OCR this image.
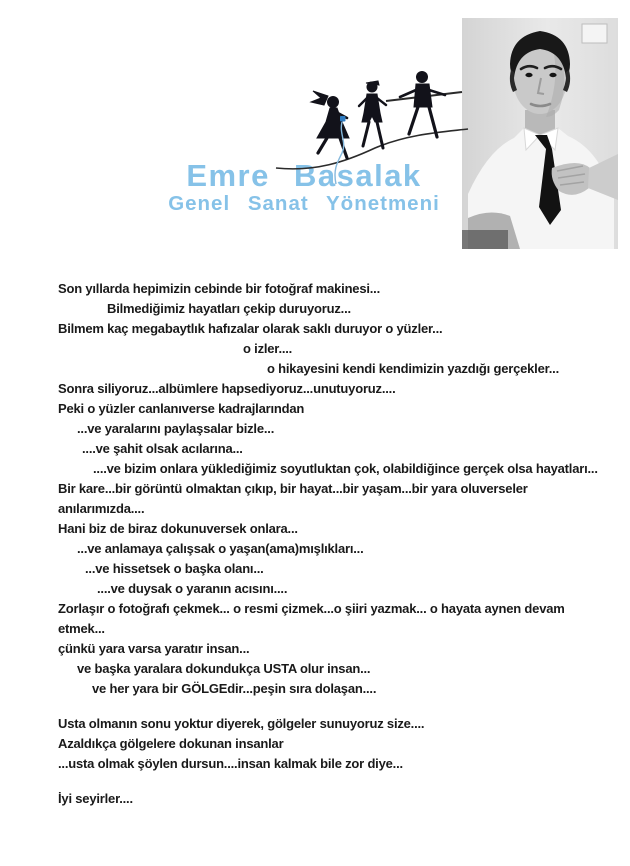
Emre Basalak
Genel Sanat Yönetmeni
Son yıllarda hepimizin cebinde bir fotoğraf makinesi...
Bilmediğimiz hayatları çekip duruyoruz...
Bilmem kaç megabaytlık hafızalar olarak saklı duruyor o yüzler...
o izler....
o hikayesini kendi kendimizin yazdığı gerçekler...
Sonra siliyoruz...albümlere hapsediyoruz...unutuyoruz....
Peki o yüzler canlanıverse kadrajlarından
...ve yaralarını paylaşsalar bizle...
....ve şahit olsak acılarına...
....ve bizim onlara yüklediğimiz soyutluktan çok, olabildiğince gerçek olsa hayatları...
Bir kare...bir görüntü olmaktan çıkıp, bir hayat...bir yaşam...bir yara oluverseler
anılarımızda....
Hani biz de biraz dokunuversek onlara...
...ve anlamaya çalışsak o yaşan(ama)mışlıkları...
...ve hissetsek o başka olanı...
....ve duysak o yaranın acısını....
Zorlaşır o fotoğrafı çekmek... o resmi çizmek...o şiiri yazmak... o hayata aynen devam
etmek...
çünkü yara varsa yaratır insan...
ve başka yaralara dokundukça USTA olur insan...
ve her yara bir GÖLGEdir...peşin sıra dolaşan....
Usta olmanın sonu yoktur diyerek, gölgeler sunuyoruz size....
Azaldıkça gölgelere dokunan insanlar
...usta olmak şöylen dursun....insan kalmak bile zor diye...
İyi seyirler....
